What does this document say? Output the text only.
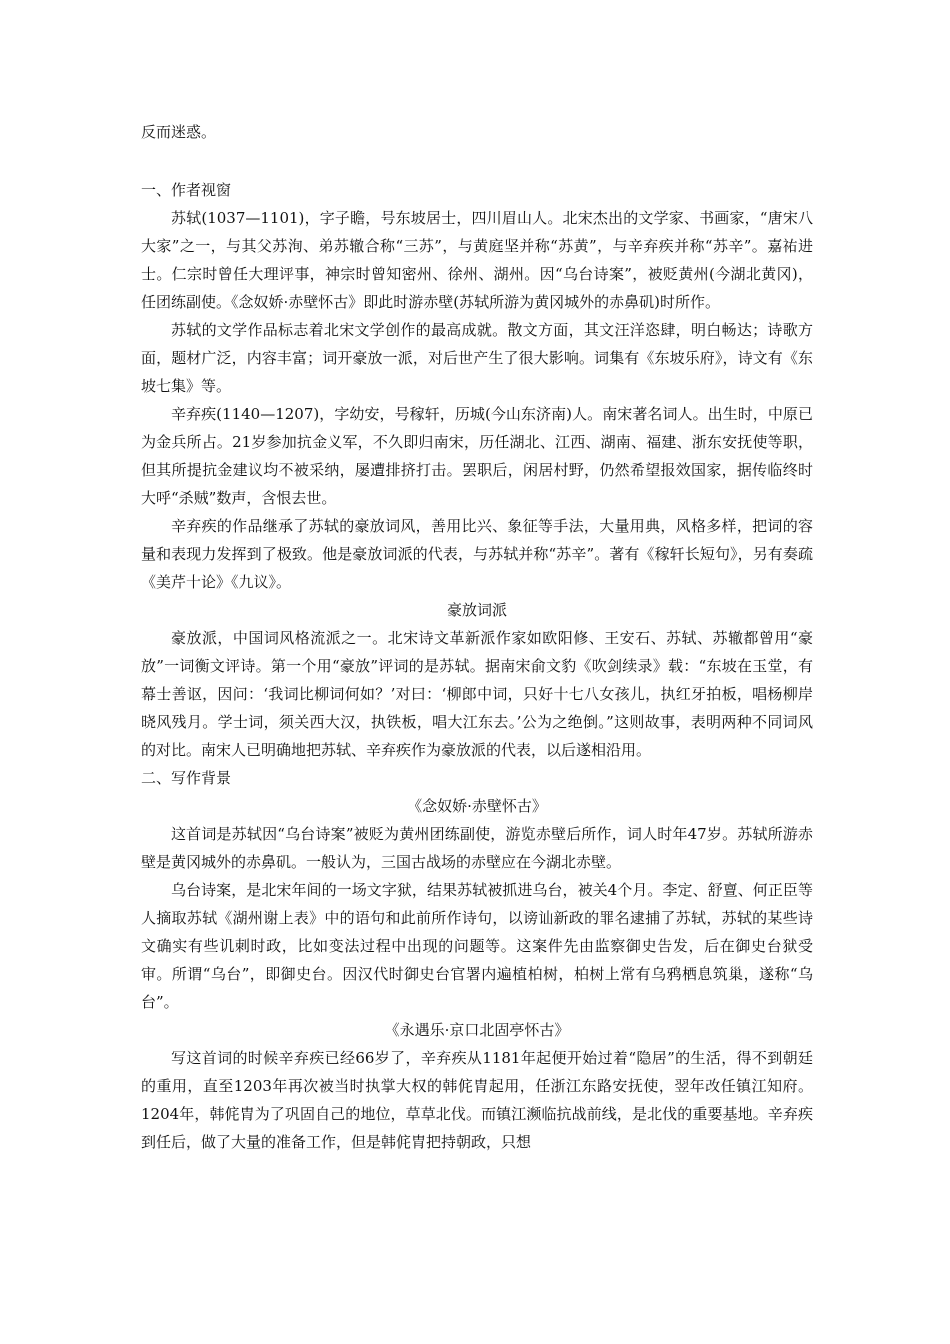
反而迷惑。

一、作者视窗

苏轼(1037—1101)，字子瞻，号东坡居士，四川眉山人。北宋杰出的文学家、书画家，“唐宋八大家”之一，与其父苏洵、弟苏辙合称“三苏”，与黄庭坚并称“苏黄”，与辛弃疾并称“苏辛”。嘉祐进士。仁宗时曾任大理评事，神宗时曾知密州、徐州、湖州。因“乌台诗案”，被贬黄州(今湖北黄冈)，任团练副使。《念奴娇·赤壁怀古》即此时游赤壁(苏轼所游为黄冈城外的赤鼻矶)时所作。

苏轼的文学作品标志着北宋文学创作的最高成就。散文方面，其文汪洋恣肆，明白畅达；诗歌方面，题材广泛，内容丰富；词开豪放一派，对后世产生了很大影响。词集有《东坡乐府》，诗文有《东坡七集》等。

辛弃疾(1140—1207)，字幼安，号稼轩，历城(今山东济南)人。南宋著名词人。出生时，中原已为金兵所占。21岁参加抗金义军，不久即归南宋，历任湖北、江西、湖南、福建、浙东安抚使等职，但其所提抗金建议均不被采纳，屡遭排挤打击。罢职后，闲居村野，仍然希望报效国家，据传临终时大呼“杀贼”数声，含恨去世。

辛弃疾的作品继承了苏轼的豪放词风，善用比兴、象征等手法，大量用典，风格多样，把词的容量和表现力发挥到了极致。他是豪放词派的代表，与苏轼并称“苏辛”。著有《稼轩长短句》，另有奏疏《美芹十论》《九议》。

豪放词派

豪放派，中国词风格流派之一。北宋诗文革新派作家如欧阳修、王安石、苏轼、苏辙都曾用“豪放”一词衡文评诗。第一个用“豪放”评词的是苏轼。据南宋俞文豹《吹剑续录》载：“东坡在玉堂，有幕士善讴，因问：‘我词比柳词何如？’对曰：‘柳郎中词，只好十七八女孩儿，执红牙拍板，唱杨柳岸晓风残月。学士词，须关西大汉，执铁板，唱大江东去。’公为之绝倒。”这则故事，表明两种不同词风的对比。南宋人已明确地把苏轼、辛弃疾作为豪放派的代表，以后遂相沿用。

二、写作背景

《念奴娇·赤壁怀古》

这首词是苏轼因“乌台诗案”被贬为黄州团练副使，游览赤壁后所作，词人时年47岁。苏轼所游赤壁是黄冈城外的赤鼻矶。一般认为，三国古战场的赤壁应在今湖北赤壁。

乌台诗案，是北宋年间的一场文字狱，结果苏轼被抓进乌台，被关4个月。李定、舒亶、何正臣等人摘取苏轼《湖州谢上表》中的语句和此前所作诗句，以谤讪新政的罪名逮捕了苏轼，苏轼的某些诗文确实有些讥刺时政，比如变法过程中出现的问题等。这案件先由监察御史告发，后在御史台狱受审。所谓“乌台”，即御史台。因汉代时御史台官署内遍植柏树，柏树上常有乌鸦栖息筑巢，遂称“乌台”。

《永遇乐·京口北固亭怀古》

写这首词的时候辛弃疾已经66岁了，辛弃疾从1181年起便开始过着“隐居”的生活，得不到朝廷的重用，直至1203年再次被当时执掌大权的韩侂胄起用，任浙江东路安抚使，翌年改任镇江知府。1204年，韩侂胄为了巩固自己的地位，草草北伐。而镇江濒临抗战前线，是北伐的重要基地。辛弃疾到任后，做了大量的准备工作，但是韩侂胄把持朝政，只想
